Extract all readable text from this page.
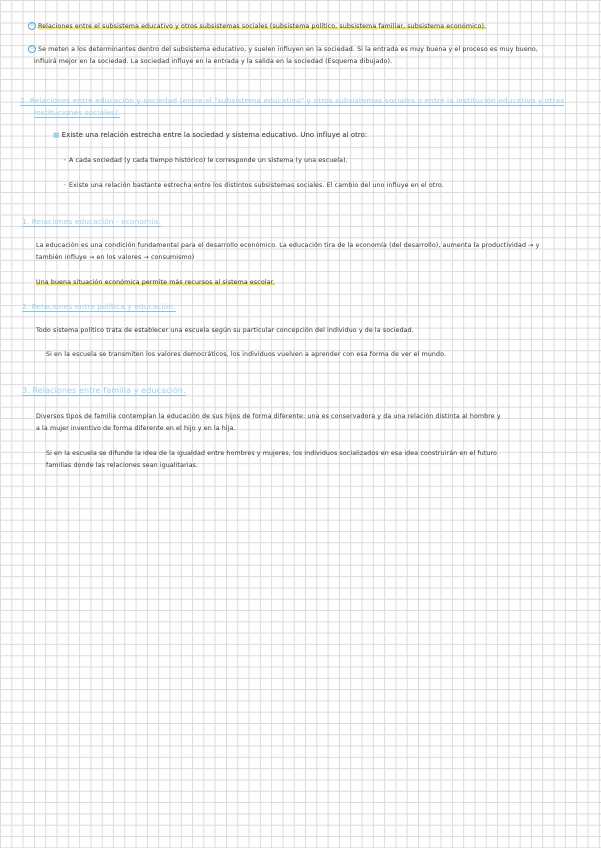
① Relaciones entre el subsistema educativo y otros subsistemas sociales (subsistema político, subsistema familiar, subsistema económico).
① Se meten a los determinantes dentro del subsistema educativo, y suelen influyen en la sociedad. Si la entrada es muy buena y el proceso es muy bueno,
influirá mejor en la sociedad. La sociedad influye en la entrada y la salida en la sociedad (Esquema dibujado).
2. Relaciones entre educación y sociedad (entre el "subsistema educativo" y otros subsistemas sociales o entre la institución educativa y otras
instituciones sociales).
■ Existe una relación estrecha entre la sociedad y sistema educativo. Uno influye al otro:
• A cada sociedad (y cada tiempo histórico) le corresponde un sistema (y una escuela).
• Existe una relación bastante estrecha entre los distintos subsistemas sociales. El cambio del uno influye en el otro.
1. Relaciones educación - economía.
La educación es una condición fundamental para el desarrollo económico. La educación tira de la economía (del desarrollo), aumenta la productividad → y
también influye → en los valores → consumismo)
Una buena situación económica permite más recursos al sistema escolar.
2. Relaciones entre política y educación.
Todo sistema político trata de establecer una escuela según su particular concepción del individuo y de la sociedad.
Si en la escuela se transmiten los valores democráticos, los individuos vuelven a aprender con esa forma de ver el mundo.
3. Relaciones entre familia y educación.
Diversos tipos de familia contemplan la educación de sus hijos de forma diferente: una es conservadora y da una relación distinta al hombre y
a la mujer inventivo de forma diferente en el hijo y en la hija.
Si en la escuela se difunde la idea de la igualdad entre hombres y mujeres, los individuos socializados en esa idea construirán en el futuro
familias donde las relaciones sean igualitarias.
